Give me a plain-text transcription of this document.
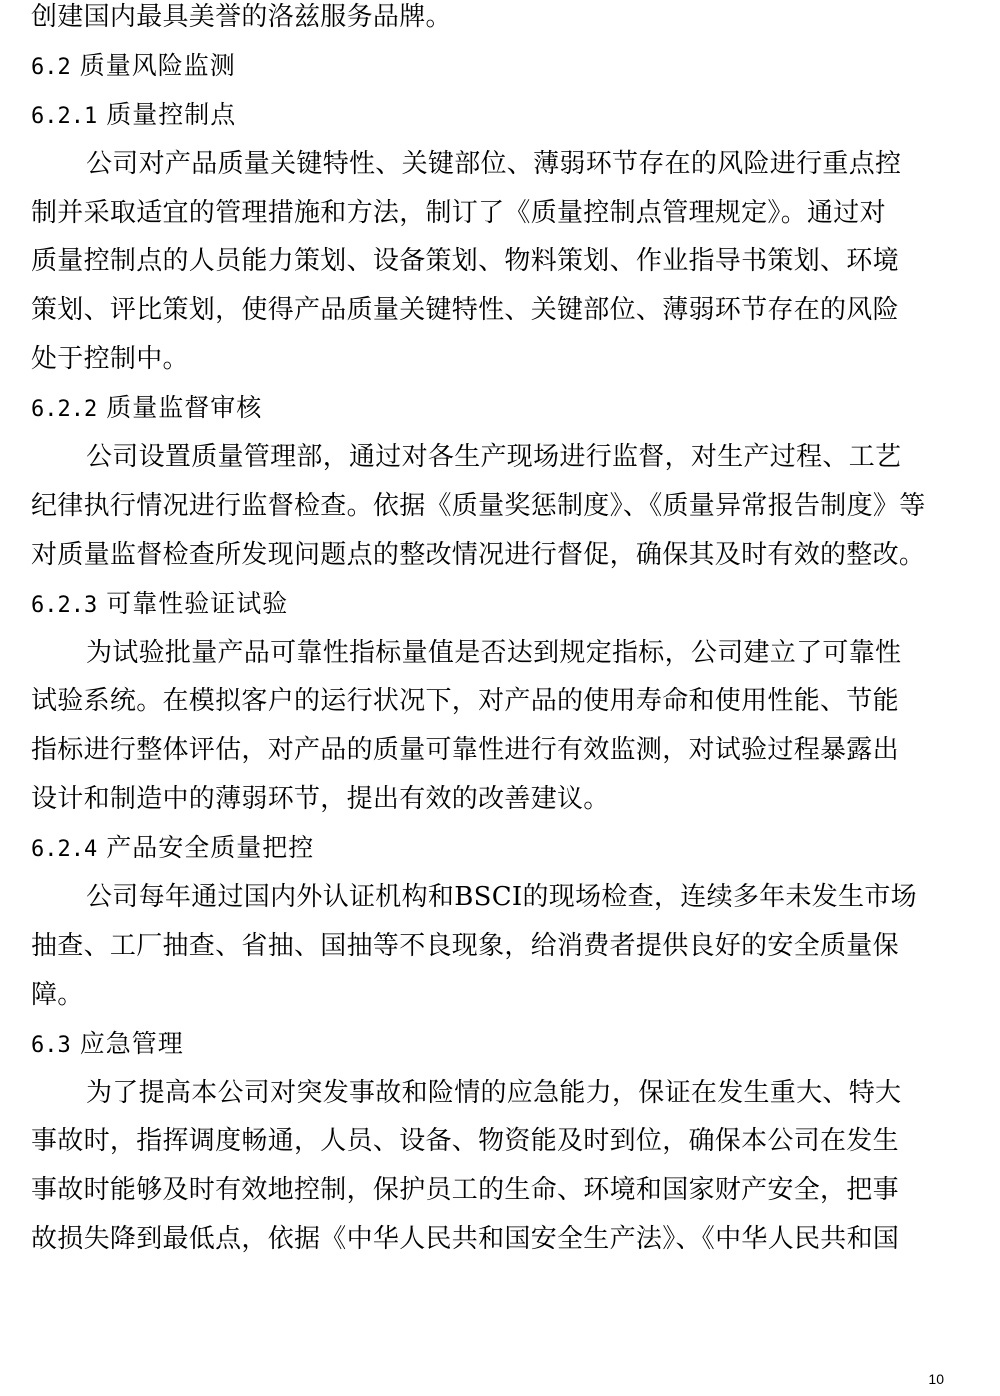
创建国内最具美誉的洛兹服务品牌。
6.2 质量风险监测
6.2.1 质量控制点
公司对产品质量关键特性、关键部位、薄弱环节存在的风险进行重点控
制并采取适宜的管理措施和方法，制订了《质量控制点管理规定》。通过对
质量控制点的人员能力策划、设备策划、物料策划、作业指导书策划、环境
策划、评比策划，使得产品质量关键特性、关键部位、薄弱环节存在的风险
处于控制中。
6.2.2 质量监督审核
公司设置质量管理部，通过对各生产现场进行监督，对生产过程、工艺
纪律执行情况进行监督检查。依据《质量奖惩制度》、《质量异常报告制度》等
对质量监督检查所发现问题点的整改情况进行督促，确保其及时有效的整改。
6.2.3 可靠性验证试验
为试验批量产品可靠性指标量值是否达到规定指标，公司建立了可靠性
试验系统。在模拟客户的运行状况下，对产品的使用寿命和使用性能、节能
指标进行整体评估，对产品的质量可靠性进行有效监测，对试验过程暴露出
设计和制造中的薄弱环节，提出有效的改善建议。
6.2.4 产品安全质量把控
公司每年通过国内外认证机构和BSCI的现场检查，连续多年未发生市场
抽查、工厂抽查、省抽、国抽等不良现象，给消费者提供良好的安全质量保
障。
6.3 应急管理
为了提高本公司对突发事故和险情的应急能力，保证在发生重大、特大
事故时，指挥调度畅通，人员、设备、物资能及时到位，确保本公司在发生
事故时能够及时有效地控制，保护员工的生命、环境和国家财产安全，把事
故损失降到最低点，依据《中华人民共和国安全生产法》、《中华人民共和国
10
